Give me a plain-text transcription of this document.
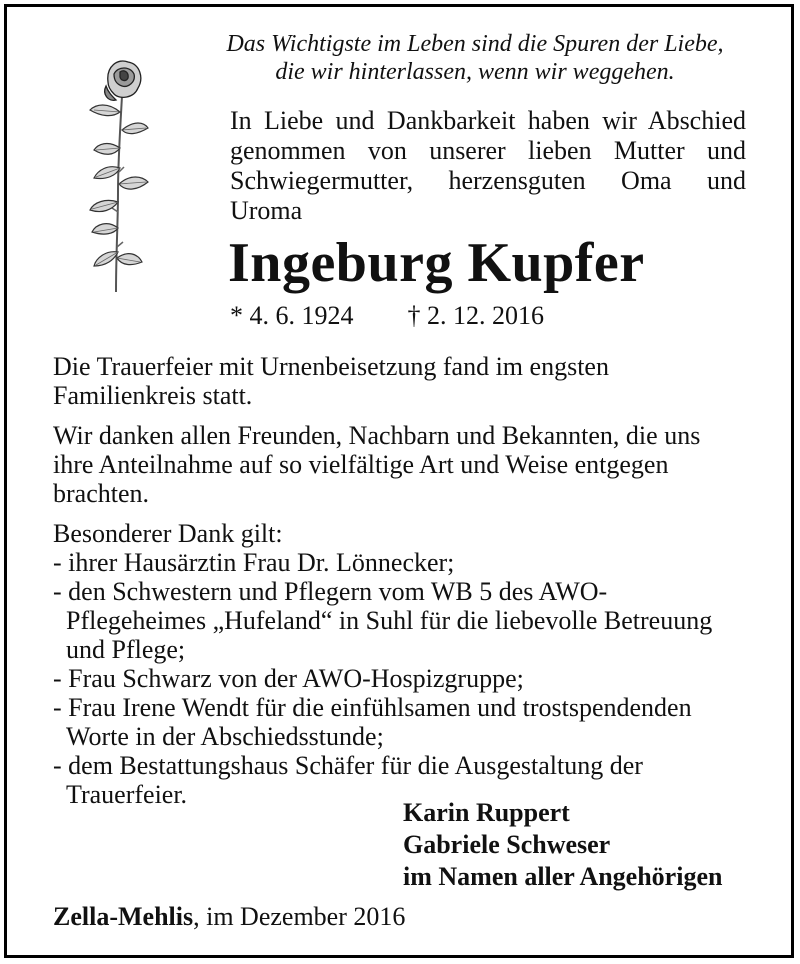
Das Wichtigste im Leben sind die Spuren der Liebe,
die wir hinterlassen, wenn wir weggehen.
In Liebe und Dankbarkeit haben wir Abschied
genommen von unserer lieben Mutter und
Schwiegermutter, herzensguten Oma und
Uroma
Ingeburg Kupfer
* 4. 6. 1924 † 2. 12. 2016

Die Trauerfeier mit Urnenbeisetzung fand im engsten
Familienkreis statt.

Wir danken allen Freunden, Nachbarn und Bekannten, die uns
ihre Anteilnahme auf so vielfältige Art und Weise entgegen
brachten.

Besonderer Dank gilt:

- ihrer Hausärztin Frau Dr. Lönnecker;
- den Schwestern und Pflegern vom WB 5 des AWO-
Pflegeheimes „Hufeland“ in Suhl für die liebevolle Betreuung
und Pflege;
- Frau Schwarz von der AWO-Hospizgruppe;
- Frau Irene Wendt für die einfühlsamen und trostspendenden
Worte in der Abschiedsstunde;
- dem Bestattungshaus Schäfer für die Ausgestaltung der
Trauerfeier.
Karin Ruppert
Gabriele Schweser
im Namen aller Angehörigen
Zella-Mehlis, im Dezember 2016
